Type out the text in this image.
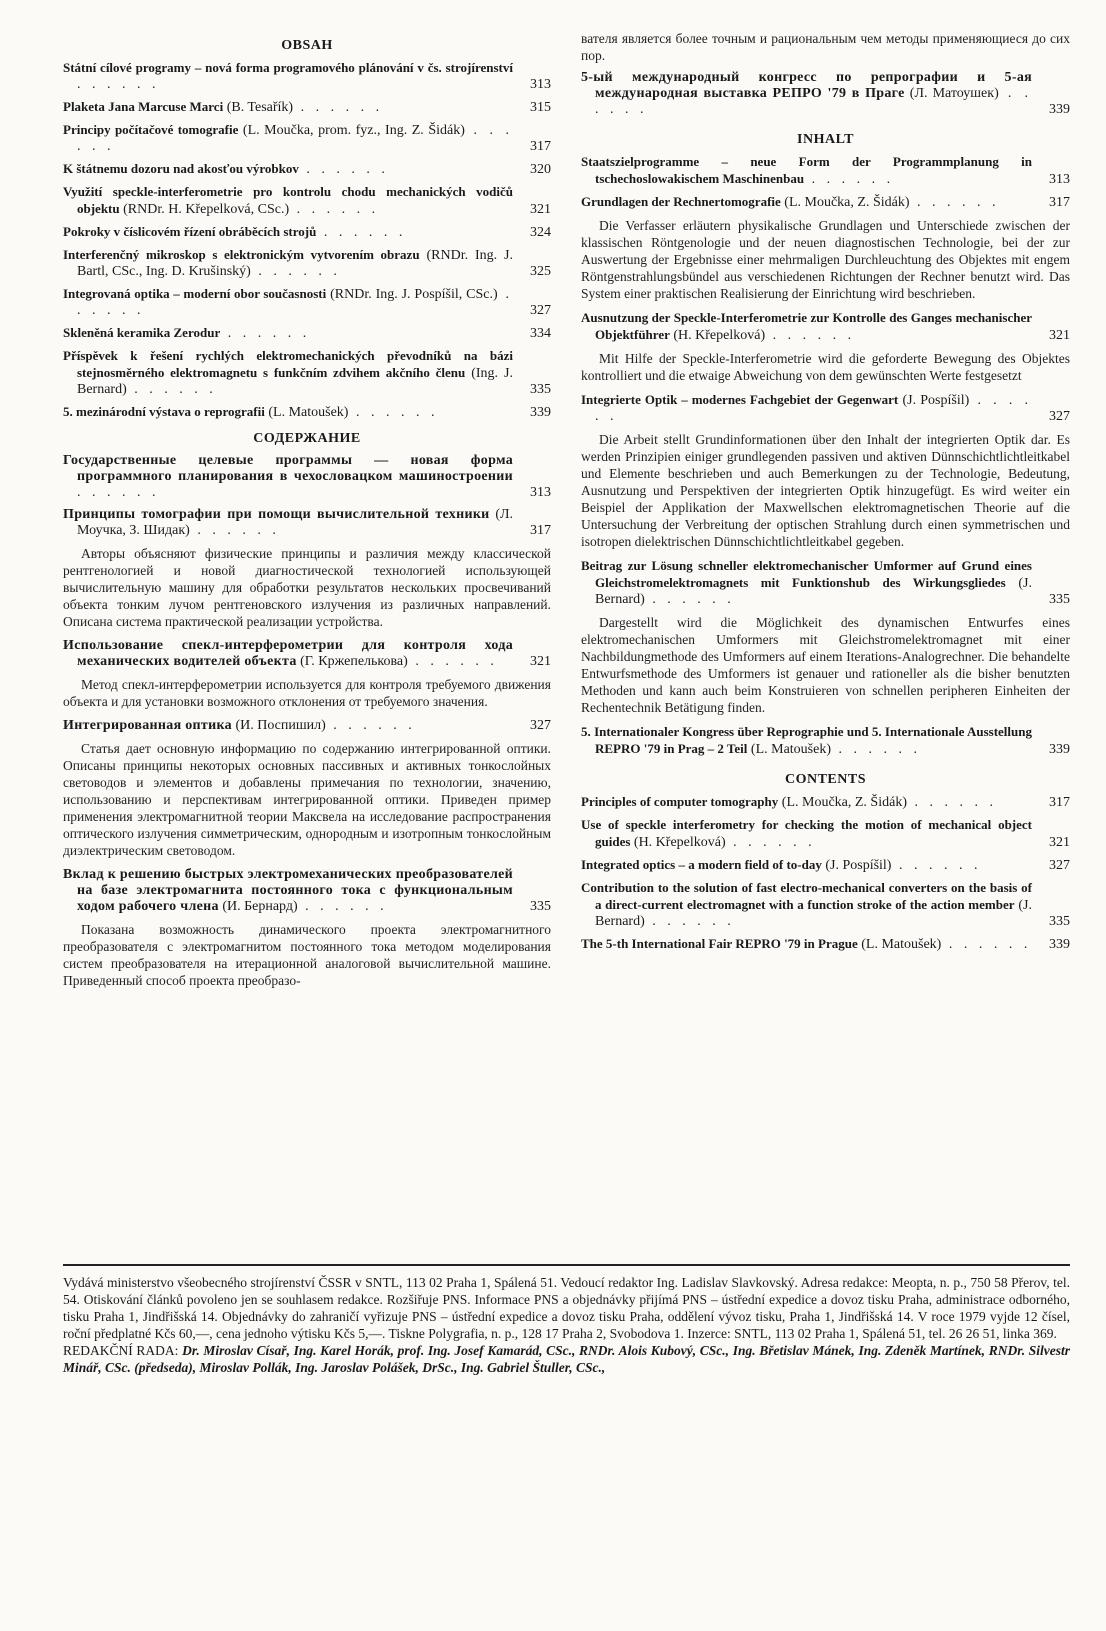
OBSAH
Státní cílové programy – nová forma programového plánování v čs. strojírenství . . . . . .	313
Plaketa Jana Marcuse Marci (B. Tesařík) . . . . . .	315
Principy počítačové tomografie (L. Moučka, prom. fyz., Ing. Z. Šidák) . . . . . .	317
K štátnemu dozoru nad akosťou výrobkov . . . . . .	320
Využití speckle-interferometrie pro kontrolu chodu mechanických vodičů objektu (RNDr. H. Křepelková, CSc.) . . . . . .	321
Pokroky v číslicovém řízení obráběcích strojů . . . . . .	324
Interferenčný mikroskop s elektronickým vytvorením obrazu (RNDr. Ing. J. Bartl, CSc., Ing. D. Krušinský) . . . . . .	325
Integrovaná optika – moderní obor současnosti (RNDr. Ing. J. Pospíšil, CSc.) . . . . . .	327
Skleněná keramika Zerodur . . . . . .	334
Příspěvek k řešení rychlých elektromechanických převodníků na bázi stejnosměrného elektromagnetu s funkčním zdvihem akčního členu (Ing. J. Bernard) . . . . . .	335
5. mezinárodní výstava o reprografii (L. Matoušek) . . . . . .	339
СОДЕРЖАНИЕ
Государственные целевые программы — новая форма программного планирования в чехословацком машиностроении . . . . . .	313
Принципы томографии при помощи вычислительной техники (Л. Моучка, З. Шидак) . . . . . .	317

Авторы объясняют физические принципы и различия между классической рентгенологией и новой диагностической технологией использующей вычислительную машину для обработки результатов нескольких просвечиваний объекта тонким лучом рентгеновского излучения из различных направлений. Описана система практической реализации устройства.

Использование спекл-интерферометрии для контроля хода механических водителей объекта (Г. Кржепелькова) . . . . . .	321

Метод спекл-интерферометрии используется для контроля требуемого движения объекта и для установки возможного отклонения от требуемого значения.

Интегрированная оптика (И. Поспишил) . . . . . .	327

Статья дает основную информацию по содержанию интегрированной оптики. Описаны принципы некоторых основных пассивных и активных тонкослойных световодов и элементов и добавлены примечания по технологии, значению, использованию и перспективам интегрированной оптики. Приведен пример применения электромагнитной теории Максвела на исследование распространения оптического излучения симметрическим, однородным и изотропным тонкослойным диэлектрическим световодом.

Вклад к решению быстрых электромеханических преобразователей на базе электромагнита постоянного тока с функциональным ходом рабочего члена (И. Бернард) . . . . . .	335

Показана возможность динамического проекта электромагнитного преобразователя с электромагнитом постоянного тока методом моделирования систем преобразователя на итерационной аналоговой вычислительной машине. Приведенный способ проекта преобразо-

вателя является более точным и рациональным чем методы применяющиеся до сих пор.

5-ый международный конгресс по репрографии и 5-ая международная выставка РЕПРО '79 в Праге (Л. Матоушек) . . . . . .	339
INHALT
Staatszielprogramme – neue Form der Programmplanung in tschechoslowakischem Maschinenbau . . . . . .	313
Grundlagen der Rechnertomografie (L. Moučka, Z. Šidák) . . . . . .	317

Die Verfasser erläutern physikalische Grundlagen und Unterschiede zwischen der klassischen Röntgenologie und der neuen diagnostischen Technologie, bei der zur Auswertung der Ergebnisse einer mehrmaligen Durchleuchtung des Objektes mit engem Röntgenstrahlungsbündel aus verschiedenen Richtungen der Rechner benutzt wird. Das System einer praktischen Realisierung der Einrichtung wird beschrieben.

Ausnutzung der Speckle-Interferometrie zur Kontrolle des Ganges mechanischer Objektführer (H. Křepelková) . . . . . .	321

Mit Hilfe der Speckle-Interferometrie wird die geforderte Bewegung des Objektes kontrolliert und die etwaige Abweichung von dem gewünschten Werte festgesetzt

Integrierte Optik – modernes Fachgebiet der Gegenwart (J. Pospíšil) . . . . . .	327

Die Arbeit stellt Grundinformationen über den Inhalt der integrierten Optik dar. Es werden Prinzipien einiger grundlegenden passiven und aktiven Dünnschichtlichtleitkabel und Elemente beschrieben und auch Bemerkungen zu der Technologie, Bedeutung, Ausnutzung und Perspektiven der integrierten Optik hinzugefügt. Es wird weiter ein Beispiel der Applikation der Maxwellschen elektromagnetischen Theorie auf die Untersuchung der Verbreitung der optischen Strahlung durch einen symmetrischen und isotropen dielektrischen Dünnschichtlichtleitkabel gegeben.

Beitrag zur Lösung schneller elektromechanischer Umformer auf Grund eines Gleichstromelektromagnets mit Funktionshub des Wirkungsgliedes (J. Bernard) . . . . . .	335

Dargestellt wird die Möglichkeit des dynamischen Entwurfes eines elektromechanischen Umformers mit Gleichstromelektromagnet mit einer Nachbildungmethode des Umformers auf einem Iterations-Analogrechner. Die behandelte Entwurfsmethode des Umformers ist genauer und rationeller als die bisher benutzten Methoden und kann auch beim Konstruieren von schnellen peripheren Einheiten der Rechentechnik Betätigung finden.

5. Internationaler Kongress über Reprographie und 5. Internationale Ausstellung REPRO '79 in Prag – 2 Teil (L. Matoušek) . . . . . .	339
CONTENTS
Principles of computer tomography (L. Moučka, Z. Šidák) . . . . . .	317
Use of speckle interferometry for checking the motion of mechanical object guides (H. Křepelková) . . . . . .	321
Integrated optics – a modern field of to-day (J. Pospíšil) . . . . . .	327
Contribution to the solution of fast electro-mechanical converters on the basis of a direct-current electromagnet with a function stroke of the action member (J. Bernard) . . . . . .	335
The 5-th International Fair REPRO '79 in Prague (L. Matoušek) . . . . . .	339

Vydává ministerstvo všeobecného strojírenství ČSSR v SNTL, 113 02 Praha 1, Spálená 51. Vedoucí redaktor Ing. Ladislav Slavkovský. Adresa redakce: Meopta, n. p., 750 58 Přerov, tel. 54. Otiskování článků povoleno jen se souhlasem redakce. Rozšiřuje PNS. Informace PNS a objednávky přijímá PNS – ústřední expedice a dovoz tisku Praha, administrace odborného, tisku Praha 1, Jindřišská 14. Objednávky do zahraničí vyřizuje PNS – ústřední expedice a dovoz tisku Praha, oddělení vývoz tisku, Praha 1, Jindřišská 14. V roce 1979 vyjde 12 čísel, roční předplatné Kčs 60,—, cena jednoho výtisku Kčs 5,—. Tiskne Polygrafia, n. p., 128 17 Praha 2, Svobodova 1. Inzerce: SNTL, 113 02 Praha 1, Spálená 51, tel. 26 26 51, linka 369.

REDAKČNÍ RADA: Dr. Miroslav Císař, Ing. Karel Horák, prof. Ing. Josef Kamarád, CSc., RNDr. Alois Kubový, CSc., Ing. Břetislav Mánek, Ing. Zdeněk Martínek, RNDr. Silvestr Minář, CSc. (předseda), Miroslav Pollák, Ing. Jaroslav Polášek, DrSc., Ing. Gabriel Štuller, CSc.,
